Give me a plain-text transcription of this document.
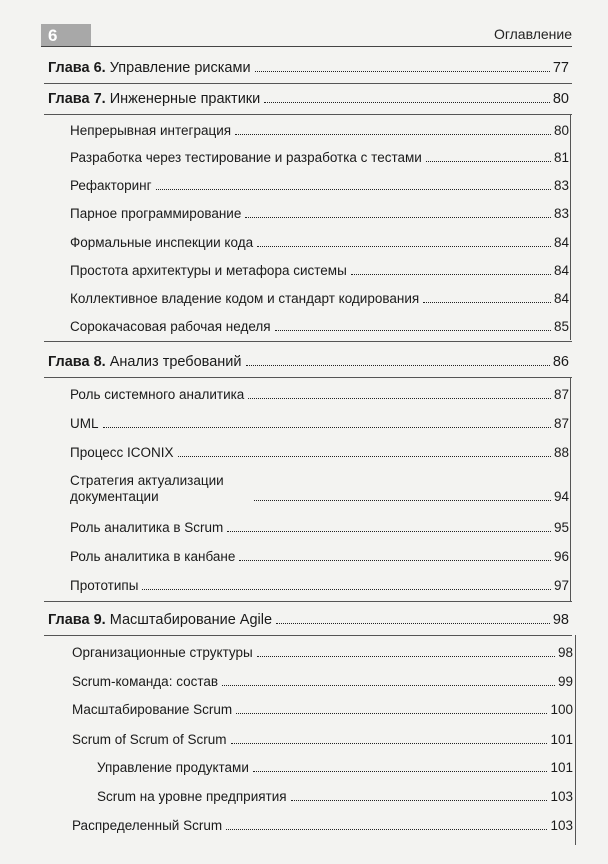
6	Оглавление
Глава 6. Управление рисками	77
Глава 7. Инженерные практики	80
Непрерывная интеграция	80
Разработка через тестирование и разработка с тестами	81
Рефакторинг	83
Парное программирование	83
Формальные инспекции кода	84
Простота архитектуры и метафора системы	84
Коллективное владение кодом и стандарт кодирования	84
Сорокачасовая рабочая неделя	85
Глава 8. Анализ требований	86
Роль системного аналитика	87
UML	87
Процесс ICONIX	88
Стратегия актуализации документации	94
Роль аналитика в Scrum	95
Роль аналитика в канбане	96
Прототипы	97
Глава 9. Масштабирование Agile	98
Организационные структуры	98
Scrum-команда: состав	99
Масштабирование Scrum	100
Scrum of Scrum of Scrum	101
Управление продуктами	101
Scrum на уровне предприятия	103
Распределенный Scrum	103
